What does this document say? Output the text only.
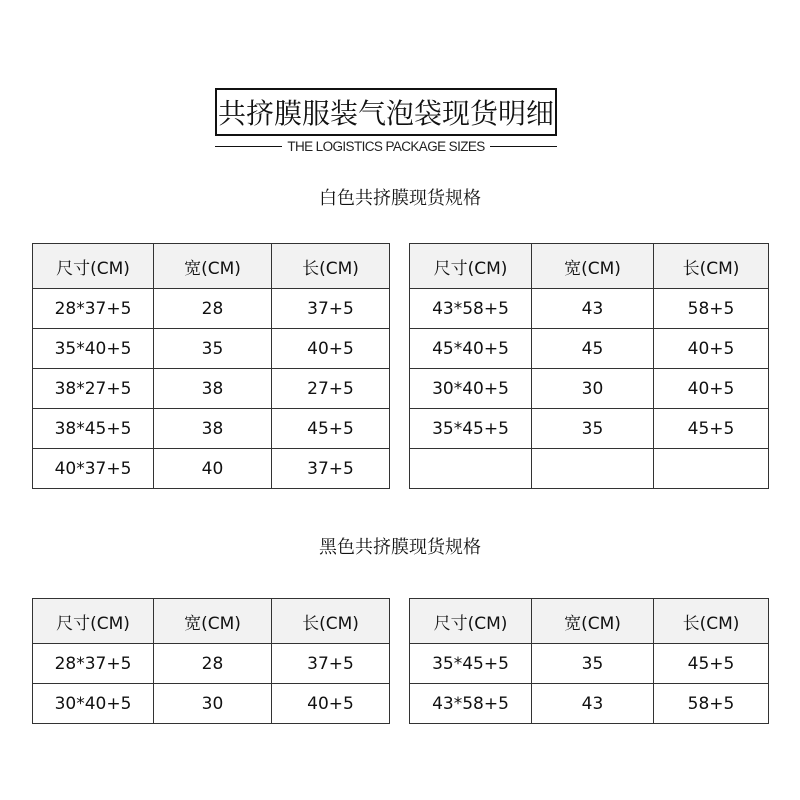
共挤膜服装气泡袋现货明细
THE LOGISTICS PACKAGE SIZES
白色共挤膜现货规格
尺寸(CM)	宽(CM)	长(CM)
28*37+5	28	37+5
35*40+5	35	40+5
38*27+5	38	27+5
38*45+5	38	45+5
40*37+5	40	37+5
尺寸(CM)	宽(CM)	长(CM)
43*58+5	43	58+5
45*40+5	45	40+5
30*40+5	30	40+5
35*45+5	35	45+5

黑色共挤膜现货规格
尺寸(CM)	宽(CM)	长(CM)
28*37+5	28	37+5
30*40+5	30	40+5
尺寸(CM)	宽(CM)	长(CM)
35*45+5	35	45+5
43*58+5	43	58+5
